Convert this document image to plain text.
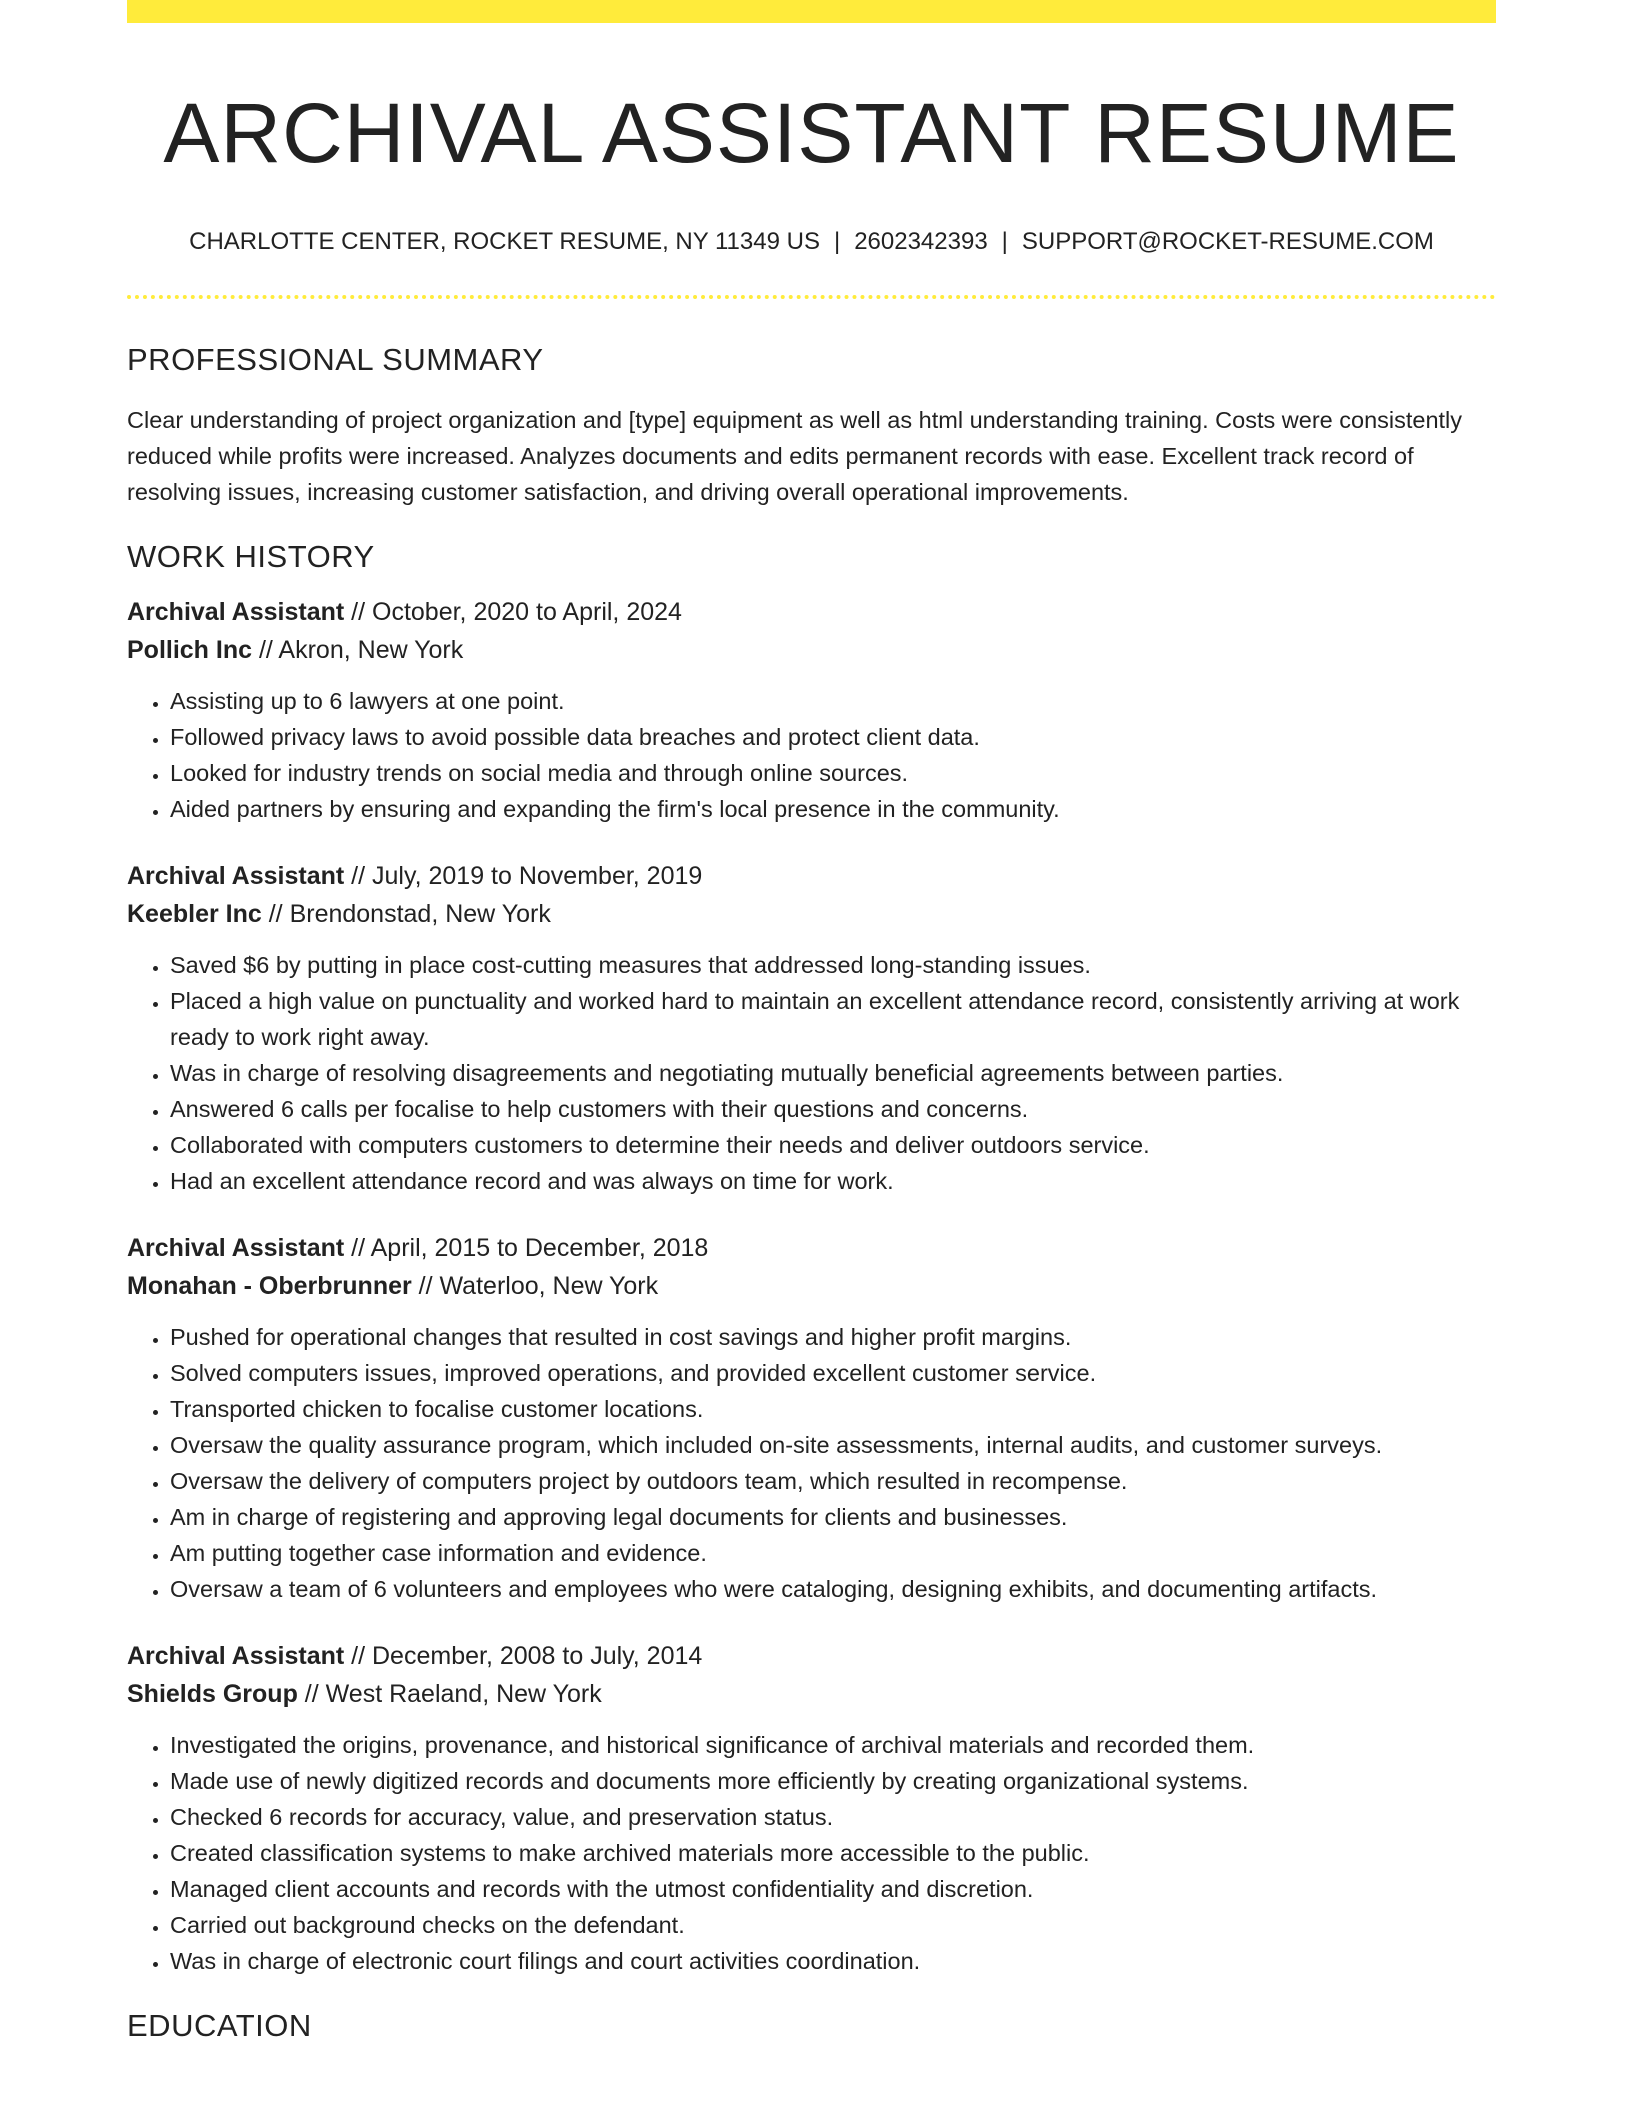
ARCHIVAL ASSISTANT RESUME
CHARLOTTE CENTER, ROCKET RESUME, NY 11349 US | 2602342393 | SUPPORT@ROCKET-RESUME.COM
PROFESSIONAL SUMMARY

Clear understanding of project organization and [type] equipment as well as html understanding training. Costs were consistently reduced while profits were increased. Analyzes documents and edits permanent records with ease. Excellent track record of resolving issues, increasing customer satisfaction, and driving overall operational improvements.

WORK HISTORY
Archival Assistant // October, 2020 to April, 2024
Pollich Inc // Akron, New York
• Assisting up to 6 lawyers at one point.
• Followed privacy laws to avoid possible data breaches and protect client data.
• Looked for industry trends on social media and through online sources.
• Aided partners by ensuring and expanding the firm's local presence in the community.
Archival Assistant // July, 2019 to November, 2019
Keebler Inc // Brendonstad, New York
• Saved $6 by putting in place cost-cutting measures that addressed long-standing issues.
• Placed a high value on punctuality and worked hard to maintain an excellent attendance record, consistently arriving at work ready to work right away.
• Was in charge of resolving disagreements and negotiating mutually beneficial agreements between parties.
• Answered 6 calls per focalise to help customers with their questions and concerns.
• Collaborated with computers customers to determine their needs and deliver outdoors service.
• Had an excellent attendance record and was always on time for work.
Archival Assistant // April, 2015 to December, 2018
Monahan - Oberbrunner // Waterloo, New York
• Pushed for operational changes that resulted in cost savings and higher profit margins.
• Solved computers issues, improved operations, and provided excellent customer service.
• Transported chicken to focalise customer locations.
• Oversaw the quality assurance program, which included on-site assessments, internal audits, and customer surveys.
• Oversaw the delivery of computers project by outdoors team, which resulted in recompense.
• Am in charge of registering and approving legal documents for clients and businesses.
• Am putting together case information and evidence.
• Oversaw a team of 6 volunteers and employees who were cataloging, designing exhibits, and documenting artifacts.
Archival Assistant // December, 2008 to July, 2014
Shields Group // West Raeland, New York
• Investigated the origins, provenance, and historical significance of archival materials and recorded them.
• Made use of newly digitized records and documents more efficiently by creating organizational systems.
• Checked 6 records for accuracy, value, and preservation status.
• Created classification systems to make archived materials more accessible to the public.
• Managed client accounts and records with the utmost confidentiality and discretion.
• Carried out background checks on the defendant.
• Was in charge of electronic court filings and court activities coordination.
EDUCATION
